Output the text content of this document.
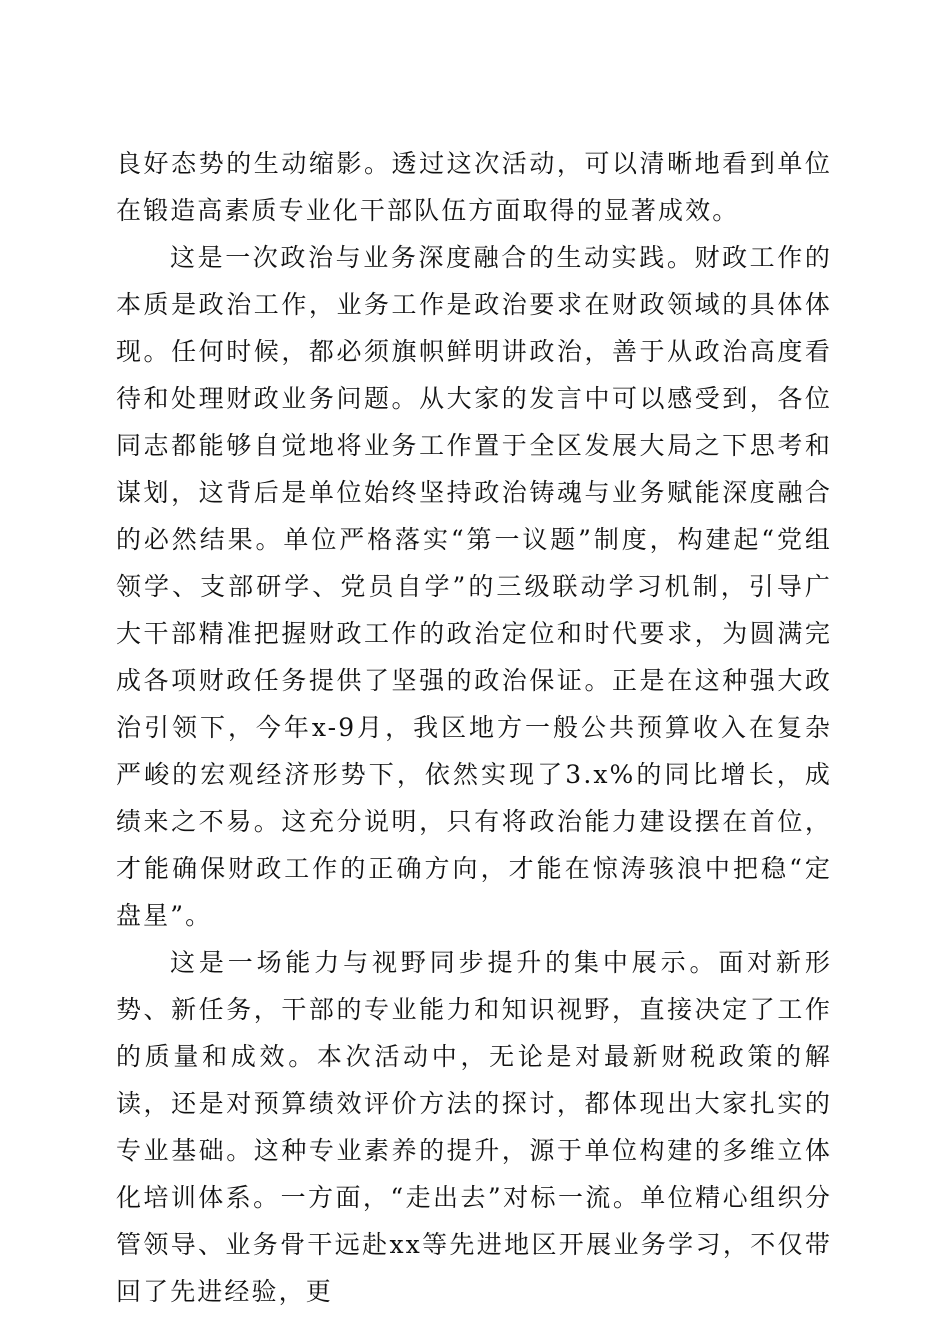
良好态势的生动缩影。透过这次活动，可以清晰地看到单位在锻造高素质专业化干部队伍方面取得的显著成效。

这是一次政治与业务深度融合的生动实践。财政工作的本质是政治工作，业务工作是政治要求在财政领域的具体体现。任何时候，都必须旗帜鲜明讲政治，善于从政治高度看待和处理财政业务问题。从大家的发言中可以感受到，各位同志都能够自觉地将业务工作置于全区发展大局之下思考和谋划，这背后是单位始终坚持政治铸魂与业务赋能深度融合的必然结果。单位严格落实“第一议题”制度，构建起“党组领学、支部研学、党员自学”的三级联动学习机制，引导广大干部精准把握财政工作的政治定位和时代要求，为圆满完成各项财政任务提供了坚强的政治保证。正是在这种强大政治引领下，今年x-9月，我区地方一般公共预算收入在复杂严峻的宏观经济形势下，依然实现了3.x%的同比增长，成绩来之不易。这充分说明，只有将政治能力建设摆在首位，才能确保财政工作的正确方向，才能在惊涛骇浪中把稳“定盘星”。

这是一场能力与视野同步提升的集中展示。面对新形势、新任务，干部的专业能力和知识视野，直接决定了工作的质量和成效。本次活动中，无论是对最新财税政策的解读，还是对预算绩效评价方法的探讨，都体现出大家扎实的专业基础。这种专业素养的提升，源于单位构建的多维立体化培训体系。一方面，“走出去”对标一流。单位精心组织分管领导、业务骨干远赴xx等先进地区开展业务学习，不仅带回了先进经验，更
